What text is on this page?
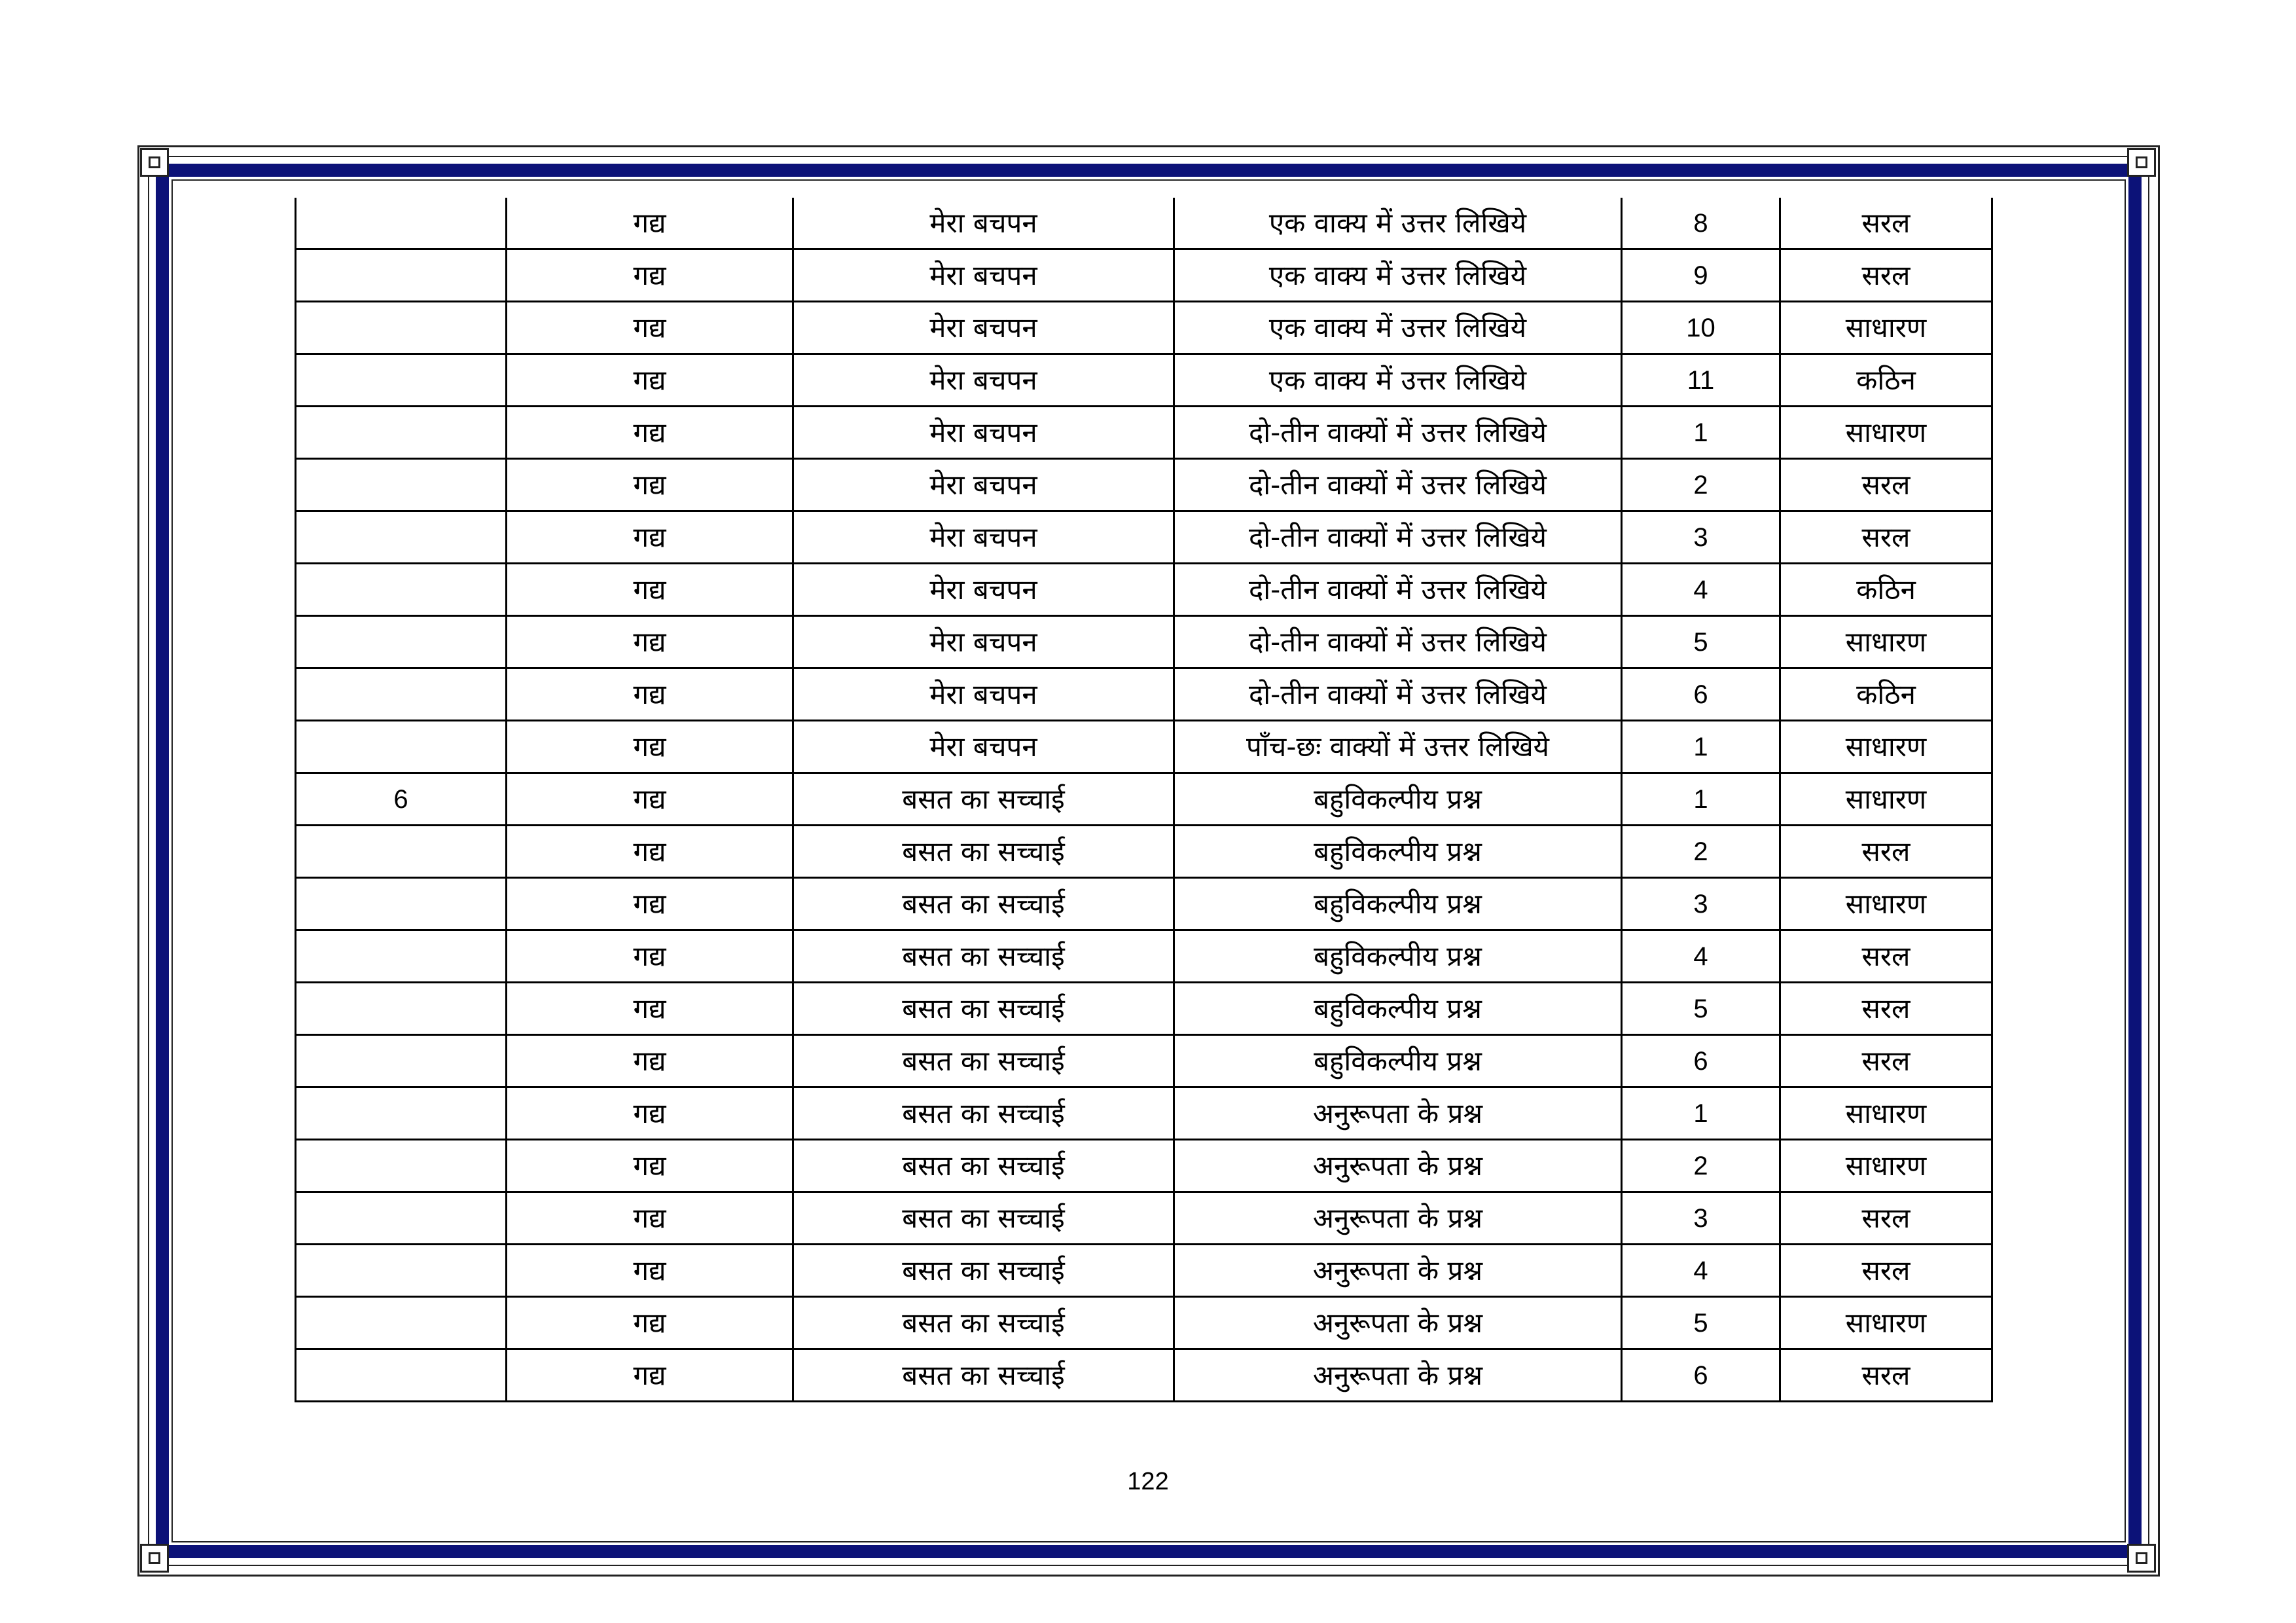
	गद्य	मेरा बचपन	एक वाक्य में उत्तर लिखिये	8	सरल
	गद्य	मेरा बचपन	एक वाक्य में उत्तर लिखिये	9	सरल
	गद्य	मेरा बचपन	एक वाक्य में उत्तर लिखिये	10	साधारण
	गद्य	मेरा बचपन	एक वाक्य में उत्तर लिखिये	11	कठिन
	गद्य	मेरा बचपन	दो-तीन वाक्यों में उत्तर लिखिये	1	साधारण
	गद्य	मेरा बचपन	दो-तीन वाक्यों में उत्तर लिखिये	2	सरल
	गद्य	मेरा बचपन	दो-तीन वाक्यों में उत्तर लिखिये	3	सरल
	गद्य	मेरा बचपन	दो-तीन वाक्यों में उत्तर लिखिये	4	कठिन
	गद्य	मेरा बचपन	दो-तीन वाक्यों में उत्तर लिखिये	5	साधारण
	गद्य	मेरा बचपन	दो-तीन वाक्यों में उत्तर लिखिये	6	कठिन
	गद्य	मेरा बचपन	पाँच-छः वाक्यों में उत्तर लिखिये	1	साधारण
6	गद्य	बसत का सच्चाई	बहुविकल्पीय प्रश्न	1	साधारण
	गद्य	बसत का सच्चाई	बहुविकल्पीय प्रश्न	2	सरल
	गद्य	बसत का सच्चाई	बहुविकल्पीय प्रश्न	3	साधारण
	गद्य	बसत का सच्चाई	बहुविकल्पीय प्रश्न	4	सरल
	गद्य	बसत का सच्चाई	बहुविकल्पीय प्रश्न	5	सरल
	गद्य	बसत का सच्चाई	बहुविकल्पीय प्रश्न	6	सरल
	गद्य	बसत का सच्चाई	अनुरूपता के प्रश्न	1	साधारण
	गद्य	बसत का सच्चाई	अनुरूपता के प्रश्न	2	साधारण
	गद्य	बसत का सच्चाई	अनुरूपता के प्रश्न	3	सरल
	गद्य	बसत का सच्चाई	अनुरूपता के प्रश्न	4	सरल
	गद्य	बसत का सच्चाई	अनुरूपता के प्रश्न	5	साधारण
	गद्य	बसत का सच्चाई	अनुरूपता के प्रश्न	6	सरल
122
